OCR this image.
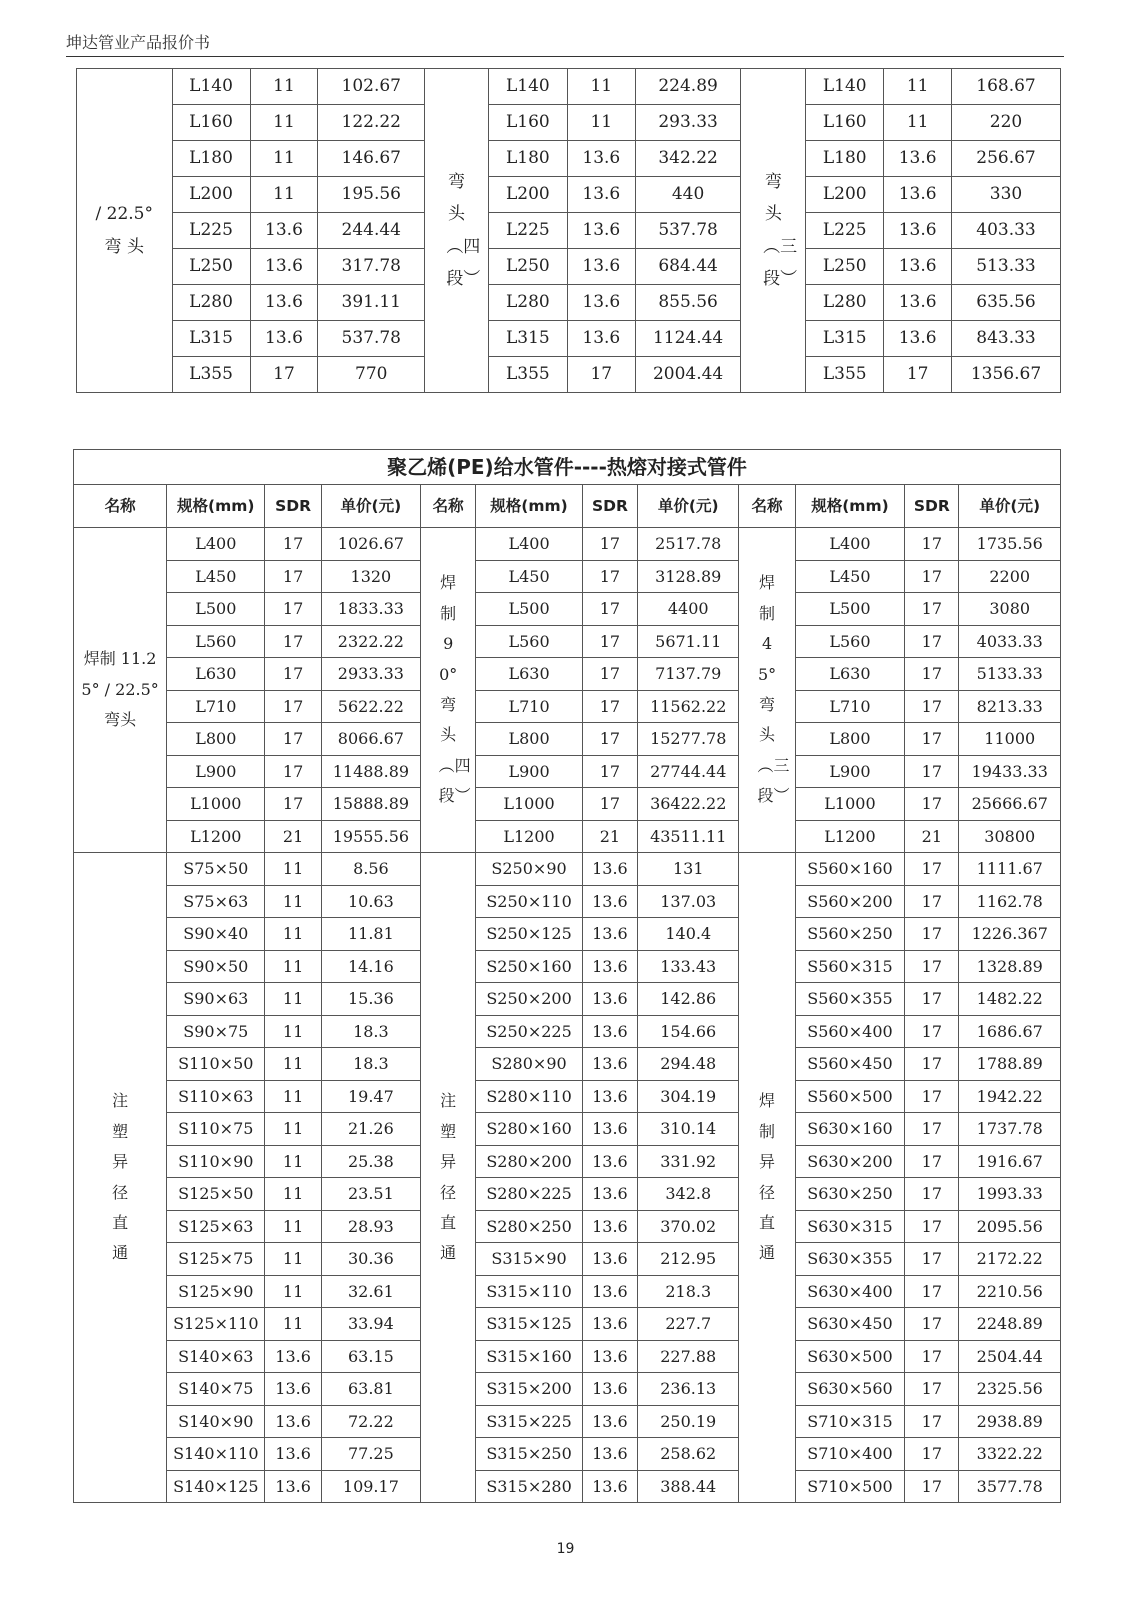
坤达管业产品报价书
/ 22.5° 弯 头	L140	11	102.67	弯头︵四段︶	L140	11	224.89	弯头︵三段︶	L140	11	168.67
	L160	11	122.22		L160	11	293.33		L160	11	220
	L180	11	146.67		L180	13.6	342.22		L180	13.6	256.67
	L200	11	195.56		L200	13.6	440		L200	13.6	330
	L225	13.6	244.44		L225	13.6	537.78		L225	13.6	403.33
	L250	13.6	317.78		L250	13.6	684.44		L250	13.6	513.33
	L280	13.6	391.11		L280	13.6	855.56		L280	13.6	635.56
	L315	13.6	537.78		L315	13.6	1124.44		L315	13.6	843.33
	L355	17	770		L355	17	2004.44		L355	17	1356.67
聚乙烯(PE)给水管件----热熔对接式管件											
名称	规格(mm)	SDR	单价(元)	名称	规格(mm)	SDR	单价(元)	名称	规格(mm)	SDR	单价(元)
焊制 11.25° / 22.5° 弯头	L400	17	1026.67	焊制90°弯头︵四段︶	L400	17	2517.78	焊制45°弯头︵三段︶	L400	17	1735.56
	L450	17	1320		L450	17	3128.89		L450	17	2200
	L500	17	1833.33		L500	17	4400		L500	17	3080
	L560	17	2322.22		L560	17	5671.11		L560	17	4033.33
	L630	17	2933.33		L630	17	7137.79		L630	17	5133.33
	L710	17	5622.22		L710	17	11562.22		L710	17	8213.33
	L800	17	8066.67		L800	17	15277.78		L800	17	11000
	L900	17	11488.89		L900	17	27744.44		L900	17	19433.33
	L1000	17	15888.89		L1000	17	36422.22		L1000	17	25666.67
	L1200	21	19555.56		L1200	21	43511.11		L1200	21	30800
注塑异径直通	S75×50	11	8.56	注塑异径直通	S250×90	13.6	131	焊制异径直通	S560×160	17	1111.67
	S75×63	11	10.63		S250×110	13.6	137.03		S560×200	17	1162.78
	S90×40	11	11.81		S250×125	13.6	140.4		S560×250	17	1226.367
	S90×50	11	14.16		S250×160	13.6	133.43		S560×315	17	1328.89
	S90×63	11	15.36		S250×200	13.6	142.86		S560×355	17	1482.22
	S90×75	11	18.3		S250×225	13.6	154.66		S560×400	17	1686.67
	S110×50	11	18.3		S280×90	13.6	294.48		S560×450	17	1788.89
	S110×63	11	19.47		S280×110	13.6	304.19		S560×500	17	1942.22
	S110×75	11	21.26		S280×160	13.6	310.14		S630×160	17	1737.78
	S110×90	11	25.38		S280×200	13.6	331.92		S630×200	17	1916.67
	S125×50	11	23.51		S280×225	13.6	342.8		S630×250	17	1993.33
	S125×63	11	28.93		S280×250	13.6	370.02		S630×315	17	2095.56
	S125×75	11	30.36		S315×90	13.6	212.95		S630×355	17	2172.22
	S125×90	11	32.61		S315×110	13.6	218.3		S630×400	17	2210.56
	S125×110	11	33.94		S315×125	13.6	227.7		S630×450	17	2248.89
	S140×63	13.6	63.15		S315×160	13.6	227.88		S630×500	17	2504.44
	S140×75	13.6	63.81		S315×200	13.6	236.13		S630×560	17	2325.56
	S140×90	13.6	72.22		S315×225	13.6	250.19		S710×315	17	2938.89
	S140×110	13.6	77.25		S315×250	13.6	258.62		S710×400	17	3322.22
	S140×125	13.6	109.17		S315×280	13.6	388.44		S710×500	17	3577.78
19
